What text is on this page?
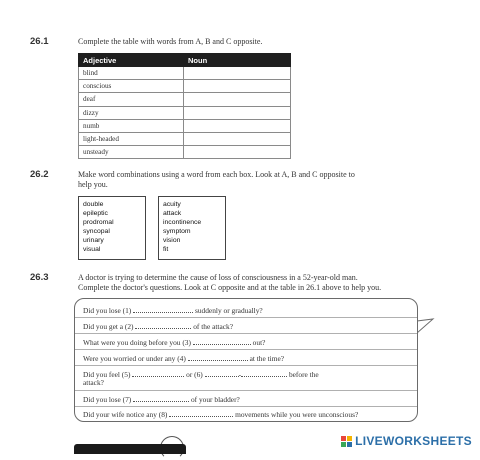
26.1	Complete the table with words from A, B and C opposite.
Adjective	Noun
blind	
conscious	
deaf	
dizzy	
numb	
light-headed	
unsteady	
26.2	Make word combinations using a word from each box. Look at A, B and C opposite to
help you.
double
epileptic
prodromal
syncopal
urinary
visual
acuity
attack
incontinence
symptom
vision
fit
26.3	A doctor is trying to determine the cause of loss of consciousness in a 52-year-old man.
Complete the doctor's questions. Look at C opposite and at the table in 26.1 above to help you.
Did you lose (1)	suddenly or gradually?
Did you get a (2)	of the attack?
What were you doing before you (3)	out?
Were you worried or under any (4)	at the time?
Did you feel (5)	or (6)	-	before the
attack?
Did you lose (7)	of your bladder?
Did your wife notice any (8)	movements while you were unconscious?
LIVEWORKSHEETS
